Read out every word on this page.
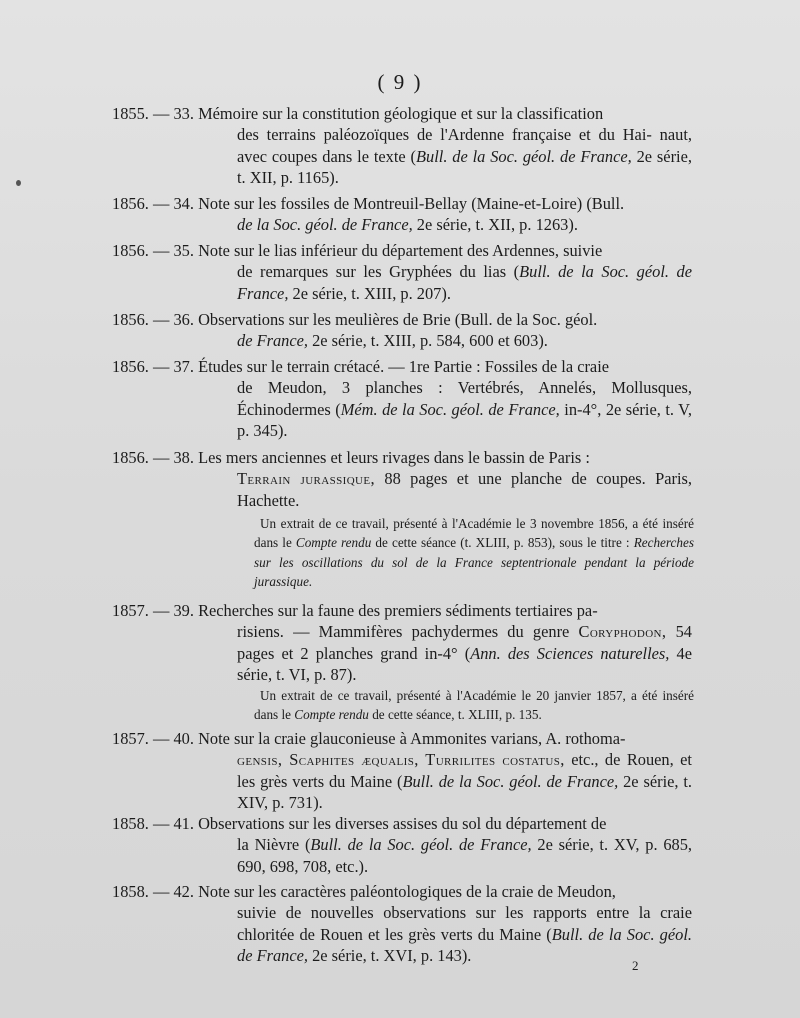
( 9 )
1855. — 33. Mémoire sur la constitution géologique et sur la classification
des terrains paléozoïques de l'Ardenne française et du Hai- naut, avec coupes dans le texte (Bull. de la Soc. géol. de France, 2e série, t. XII, p. 1165).
1856. — 34. Note sur les fossiles de Montreuil-Bellay (Maine-et-Loire) (Bull.
de la Soc. géol. de France, 2e série, t. XII, p. 1263).
1856. — 35. Note sur le lias inférieur du département des Ardennes, suivie
de remarques sur les Gryphées du lias (Bull. de la Soc. géol. de France, 2e série, t. XIII, p. 207).
1856. — 36. Observations sur les meulières de Brie (Bull. de la Soc. géol.
de France, 2e série, t. XIII, p. 584, 600 et 603).
1856. — 37. Études sur le terrain crétacé. — 1re Partie : Fossiles de la craie
de Meudon, 3 planches : Vertébrés, Annelés, Mollusques, Échinodermes (Mém. de la Soc. géol. de France, in-4°, 2e série, t. V, p. 345).
1856. — 38. Les mers anciennes et leurs rivages dans le bassin de Paris :
Terrain jurassique, 88 pages et une planche de coupes. Paris, Hachette.
Un extrait de ce travail, présenté à l'Académie le 3 novembre 1856, a été inséré dans le Compte rendu de cette séance (t. XLIII, p. 853), sous le titre : Recherches sur les oscillations du sol de la France septentrionale pendant la période jurassique.
1857. — 39. Recherches sur la faune des premiers sédiments tertiaires pa-
risiens. — Mammifères pachydermes du genre Coryphodon, 54 pages et 2 planches grand in-4° (Ann. des Sciences naturelles, 4e série, t. VI, p. 87).
Un extrait de ce travail, présenté à l'Académie le 20 janvier 1857, a été inséré dans le Compte rendu de cette séance, t. XLIII, p. 135.
1857. — 40. Note sur la craie glauconieuse à Ammonites varians, A. rothoma-
gensis, Scaphites æqualis, Turrilites costatus, etc., de Rouen, et les grès verts du Maine (Bull. de la Soc. géol. de France, 2e série, t. XIV, p. 731).
1858. — 41. Observations sur les diverses assises du sol du département de
la Nièvre (Bull. de la Soc. géol. de France, 2e série, t. XV, p. 685, 690, 698, 708, etc.).
1858. — 42. Note sur les caractères paléontologiques de la craie de Meudon,
suivie de nouvelles observations sur les rapports entre la craie chloritée de Rouen et les grès verts du Maine (Bull. de la Soc. géol. de France, 2e série, t. XVI, p. 143).
2
